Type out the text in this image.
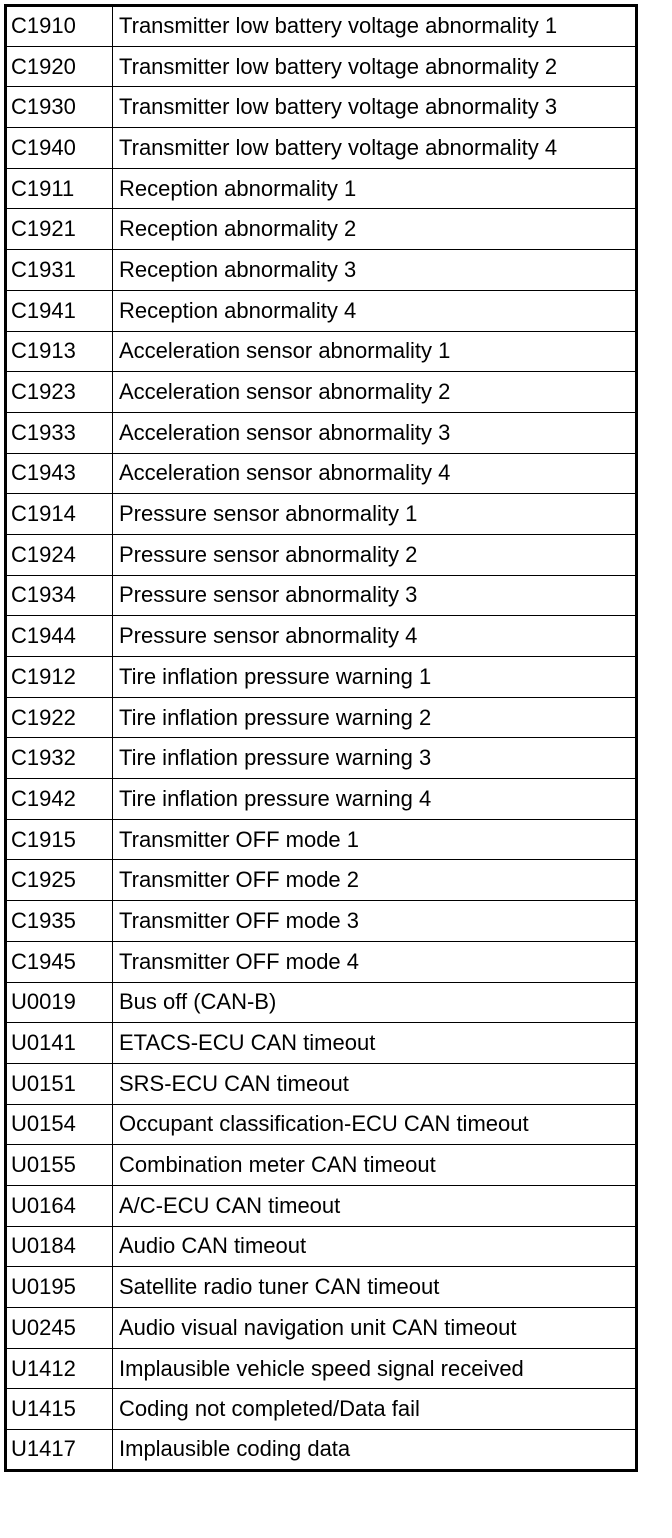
C1910	Transmitter low battery voltage abnormality 1
C1920	Transmitter low battery voltage abnormality 2
C1930	Transmitter low battery voltage abnormality 3
C1940	Transmitter low battery voltage abnormality 4
C1911	Reception abnormality 1
C1921	Reception abnormality 2
C1931	Reception abnormality 3
C1941	Reception abnormality 4
C1913	Acceleration sensor abnormality 1
C1923	Acceleration sensor abnormality 2
C1933	Acceleration sensor abnormality 3
C1943	Acceleration sensor abnormality 4
C1914	Pressure sensor abnormality 1
C1924	Pressure sensor abnormality 2
C1934	Pressure sensor abnormality 3
C1944	Pressure sensor abnormality 4
C1912	Tire inflation pressure warning 1
C1922	Tire inflation pressure warning 2
C1932	Tire inflation pressure warning 3
C1942	Tire inflation pressure warning 4
C1915	Transmitter OFF mode 1
C1925	Transmitter OFF mode 2
C1935	Transmitter OFF mode 3
C1945	Transmitter OFF mode 4
U0019	Bus off (CAN-B)
U0141	ETACS-ECU CAN timeout
U0151	SRS-ECU CAN timeout
U0154	Occupant classification-ECU CAN timeout
U0155	Combination meter CAN timeout
U0164	A/C-ECU CAN timeout
U0184	Audio CAN timeout
U0195	Satellite radio tuner CAN timeout
U0245	Audio visual navigation unit CAN timeout
U1412	Implausible vehicle speed signal received
U1415	Coding not completed/Data fail
U1417	Implausible coding data
